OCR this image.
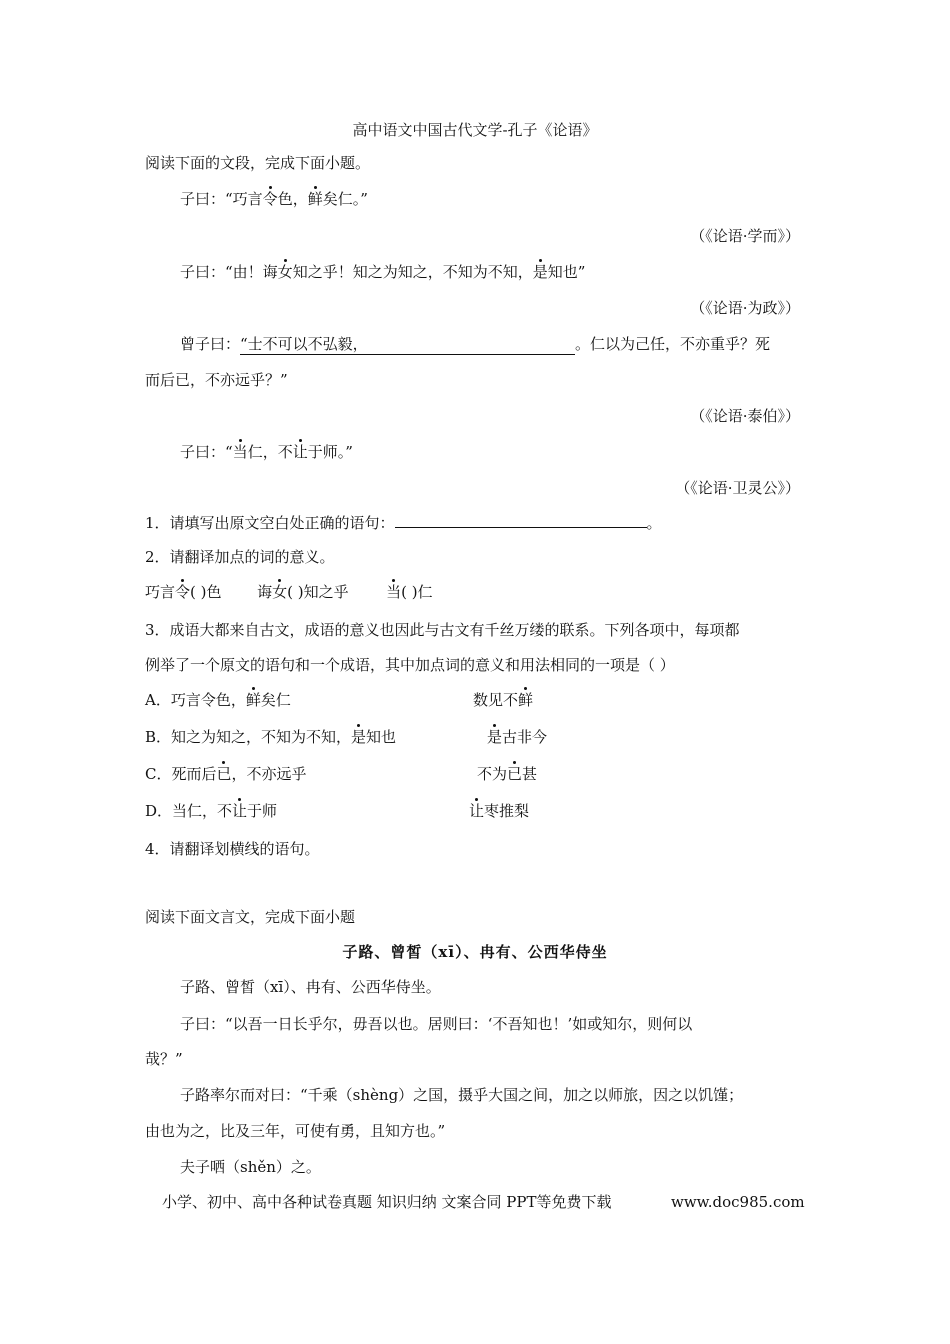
高中语文中国古代文学-孔子《论语》
阅读下面的文段，完成下面小题。
子曰：“巧言令色，鲜矣仁。”
（《论语·学而》）
子曰：“由！诲女知之乎！知之为知之，不知为不知，是知也”
（《论语·为政》）
曾子曰：“士不可以不弘毅，	。仁以为己任，不亦重乎？死
而后已，不亦远乎？”
（《论语·泰伯》）
子曰：“当仁，不让于师。”
（《论语·卫灵公》）
1．请填写出原文空白处正确的语句：	。
2．请翻译加点的词的意义。
巧言令( )色 诲女( )知之乎	当( )仁
3．成语大都来自古文，成语的意义也因此与古文有千丝万缕的联系。下列各项中，每项都
例举了一个原文的语句和一个成语，其中加点词的意义和用法相同的一项是（ ）
A．巧言令色，鲜矣仁	数见不鲜
B．知之为知之，不知为不知，是知也	是古非今
C．死而后已，不亦远乎	不为已甚
D．当仁，不让于师	让枣推梨
4．请翻译划横线的语句。
阅读下面文言文，完成下面小题
子路、曾皙（xī）、冉有、公西华侍坐
子路、曾皙（xī）、冉有、公西华侍坐。
子曰：“以吾一日长乎尔，毋吾以也。居则曰：‘不吾知也！’如或知尔，则何以
哉？”
子路率尔而对曰：“千乘（shèng）之国，摄乎大国之间，加之以师旅，因之以饥馑；
由也为之，比及三年，可使有勇，且知方也。”
夫子哂（shěn）之。
小学、初中、高中各种试卷真题 知识归纳 文案合同 PPT等免费下载	www.doc985.com
